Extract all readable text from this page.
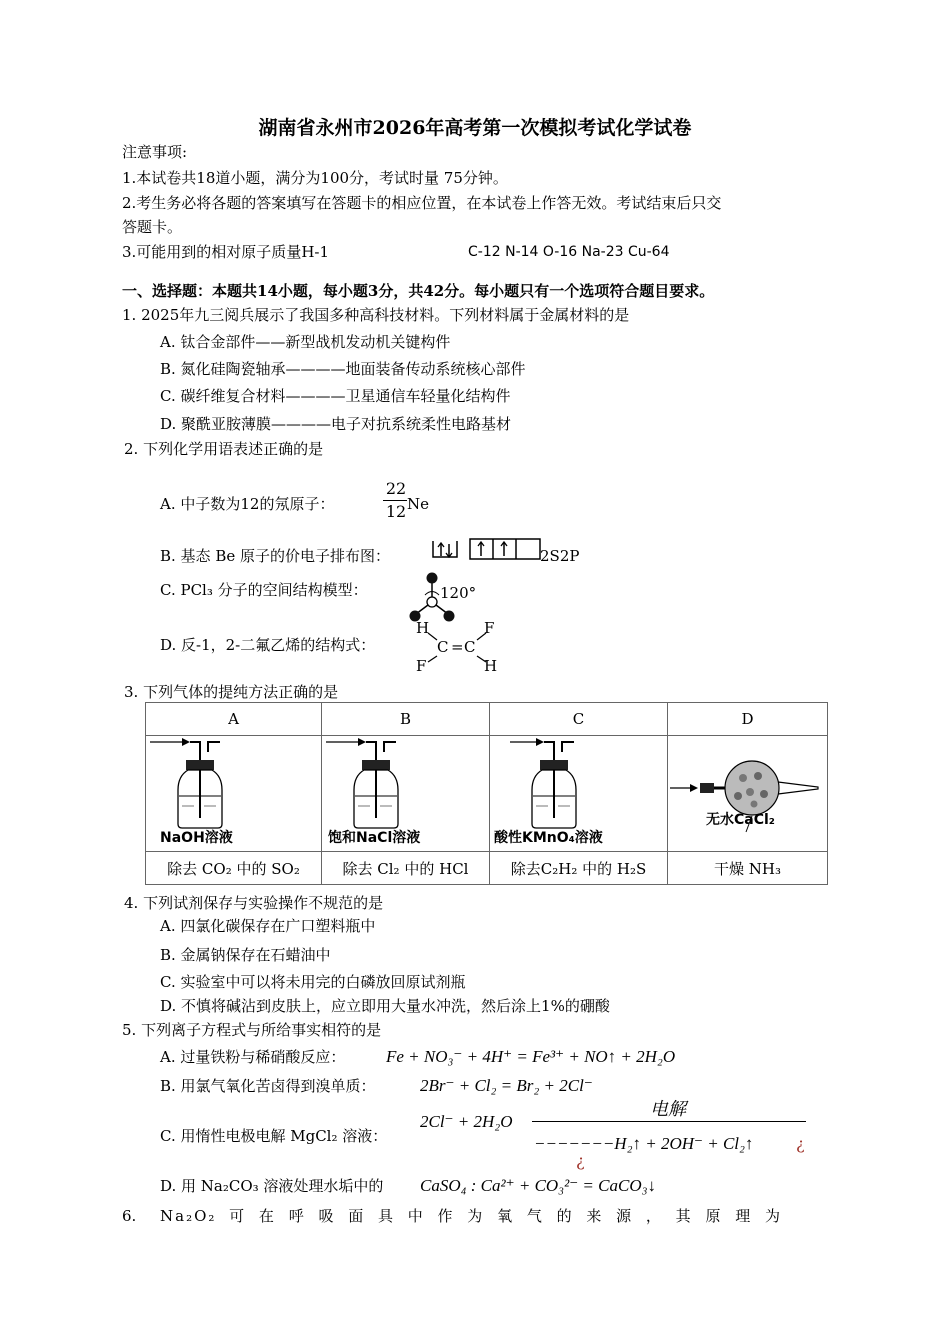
湖南省永州市2026年高考第一次模拟考试化学试卷
注意事项:
1.本试卷共18道小题，满分为100分，考试时量 75分钟。
2.考生务必将各题的答案填写在答题卡的相应位置，在本试卷上作答无效。考试结束后只交
答题卡。
3.可能用到的相对原子质量H-1	C-12 N-14 O-16 Na-23 Cu-64
一、选择题：本题共14小题，每小题3分，共42分。每小题只有一个选项符合题目要求。
1. 2025年九三阅兵展示了我国多种高科技材料。下列材料属于金属材料的是
A. 钛合金部件——新型战机发动机关键构件
B. 氮化硅陶瓷轴承————地面装备传动系统核心部件
C. 碳纤维复合材料————卫星通信车轻量化结构件
D. 聚酰亚胺薄膜————电子对抗系统柔性电路基材
2. 下列化学用语表述正确的是
A. 中子数为12的氖原子：
22
12 Ne
B. 基态 Be 原子的价电子排布图：	2S2P
C. PCl₃ 分子的空间结构模型：	120°
D. 反-1，2-二氟乙烯的结构式：
H	F
C = C
F	H
3. 下列气体的提纯方法正确的是
A	B	C	D

NaOH溶液	饱和NaCl溶液	酸性KMnO₄溶液	无水CaCl₂

除去 CO₂ 中的 SO₂	除去 Cl₂ 中的 HCl	除去C₂H₂ 中的 H₂S	干燥 NH₃
4. 下列试剂保存与实验操作不规范的是
A. 四氯化碳保存在广口塑料瓶中
B. 金属钠保存在石蜡油中
C. 实验室中可以将未用完的白磷放回原试剂瓶
D. 不慎将碱沾到皮肤上，应立即用大量水冲洗，然后涂上1%的硼酸
5. 下列离子方程式与所给事实相符的是
A. 过量铁粉与稀硝酸反应： Fe + NO₃⁻ + 4H⁺ = Fe³⁺ + NO↑ + 2H₂O
B. 用氯气氧化苦卤得到溴单质：	2Br⁻ + Cl₂ = Br₂ + 2Cl⁻
C. 用惰性电极电解 MgCl₂ 溶液：
2Cl⁻ + 2H₂O
电解
−−−−−−−H₂↑ + 2OH⁻ + Cl₂↑	¿
¿
D. 用 Na₂CO₃ 溶液处理水垢中的 CaSO₄ : Ca²⁺ + CO₃²⁻ = CaCO₃↓
6. Na₂O₂ 可 在 呼 吸 面 具 中 作 为 氧 气 的 来 源 ， 其 原 理 为
